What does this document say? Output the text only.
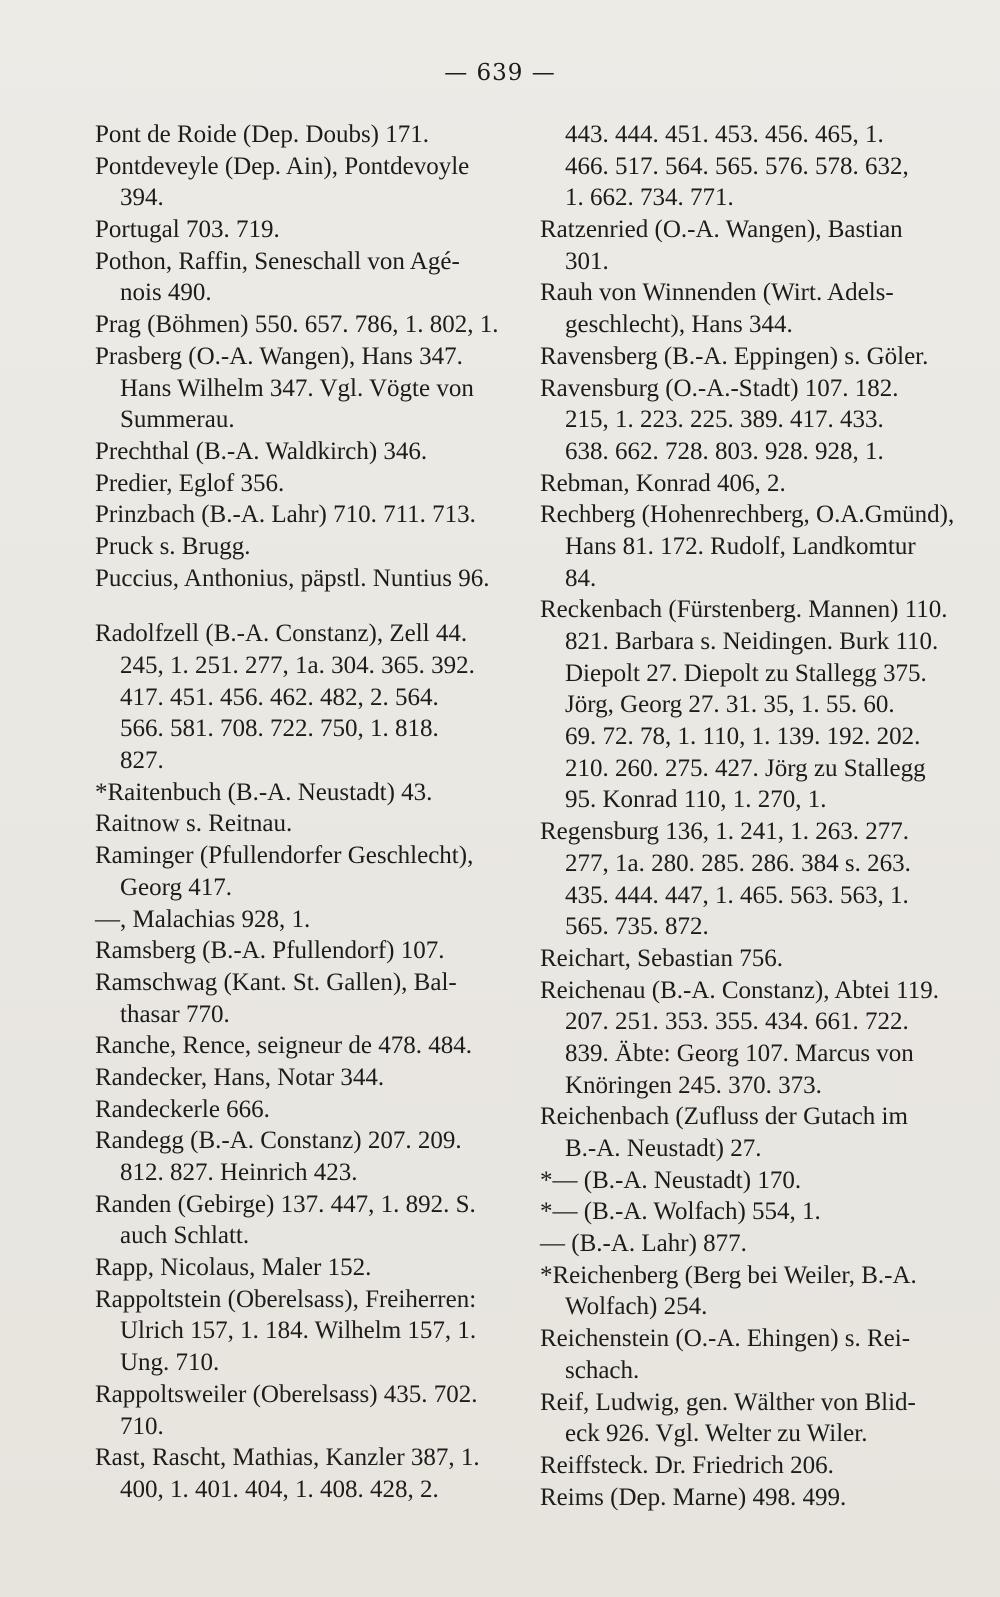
— 639 —
Pont de Roide (Dep. Doubs) 171.
Pontdeveyle (Dep. Ain), Pontdevoyle
394.
Portugal 703. 719.
Pothon, Raffin, Seneschall von Agé-
nois 490.
Prag (Böhmen) 550. 657. 786, 1. 802, 1.
Prasberg (O.-A. Wangen), Hans 347.
Hans Wilhelm 347. Vgl. Vögte von
Summerau.
Prechthal (B.-A. Waldkirch) 346.
Predier, Eglof 356.
Prinzbach (B.-A. Lahr) 710. 711. 713.
Pruck s. Brugg.
Puccius, Anthonius, päpstl. Nuntius 96.
Radolfzell (B.-A. Constanz), Zell 44.
245, 1. 251. 277, 1a. 304. 365. 392.
417. 451. 456. 462. 482, 2. 564.
566. 581. 708. 722. 750, 1. 818.
827.
*Raitenbuch (B.-A. Neustadt) 43.
Raitnow s. Reitnau.
Raminger (Pfullendorfer Geschlecht),
Georg 417.
—, Malachias 928, 1.
Ramsberg (B.-A. Pfullendorf) 107.
Ramschwag (Kant. St. Gallen), Bal-
thasar 770.
Ranche, Rence, seigneur de 478. 484.
Randecker, Hans, Notar 344.
Randeckerle 666.
Randegg (B.-A. Constanz) 207. 209.
812. 827. Heinrich 423.
Randen (Gebirge) 137. 447, 1. 892. S.
auch Schlatt.
Rapp, Nicolaus, Maler 152.
Rappoltstein (Oberelsass), Freiherren:
Ulrich 157, 1. 184. Wilhelm 157, 1.
Ung. 710.
Rappoltsweiler (Oberelsass) 435. 702.
710.
Rast, Rascht, Mathias, Kanzler 387, 1.
400, 1. 401. 404, 1. 408. 428, 2.
443. 444. 451. 453. 456. 465, 1.
466. 517. 564. 565. 576. 578. 632,
1. 662. 734. 771.
Ratzenried (O.-A. Wangen), Bastian
301.
Rauh von Winnenden (Wirt. Adels-
geschlecht), Hans 344.
Ravensberg (B.-A. Eppingen) s. Göler.
Ravensburg (O.-A.-Stadt) 107. 182.
215, 1. 223. 225. 389. 417. 433.
638. 662. 728. 803. 928. 928, 1.
Rebman, Konrad 406, 2.
Rechberg (Hohenrechberg, O.A.Gmünd),
Hans 81. 172. Rudolf, Landkomtur
84.
Reckenbach (Fürstenberg. Mannen) 110.
821. Barbara s. Neidingen. Burk 110.
Diepolt 27. Diepolt zu Stallegg 375.
Jörg, Georg 27. 31. 35, 1. 55. 60.
69. 72. 78, 1. 110, 1. 139. 192. 202.
210. 260. 275. 427. Jörg zu Stallegg
95. Konrad 110, 1. 270, 1.
Regensburg 136, 1. 241, 1. 263. 277.
277, 1a. 280. 285. 286. 384 s. 263.
435. 444. 447, 1. 465. 563. 563, 1.
565. 735. 872.
Reichart, Sebastian 756.
Reichenau (B.-A. Constanz), Abtei 119.
207. 251. 353. 355. 434. 661. 722.
839. Äbte: Georg 107. Marcus von
Knöringen 245. 370. 373.
Reichenbach (Zufluss der Gutach im
B.-A. Neustadt) 27.
*— (B.-A. Neustadt) 170.
*— (B.-A. Wolfach) 554, 1.
— (B.-A. Lahr) 877.
*Reichenberg (Berg bei Weiler, B.-A.
Wolfach) 254.
Reichenstein (O.-A. Ehingen) s. Rei-
schach.
Reif, Ludwig, gen. Wälther von Blid-
eck 926. Vgl. Welter zu Wiler.
Reiffsteck. Dr. Friedrich 206.
Reims (Dep. Marne) 498. 499.
